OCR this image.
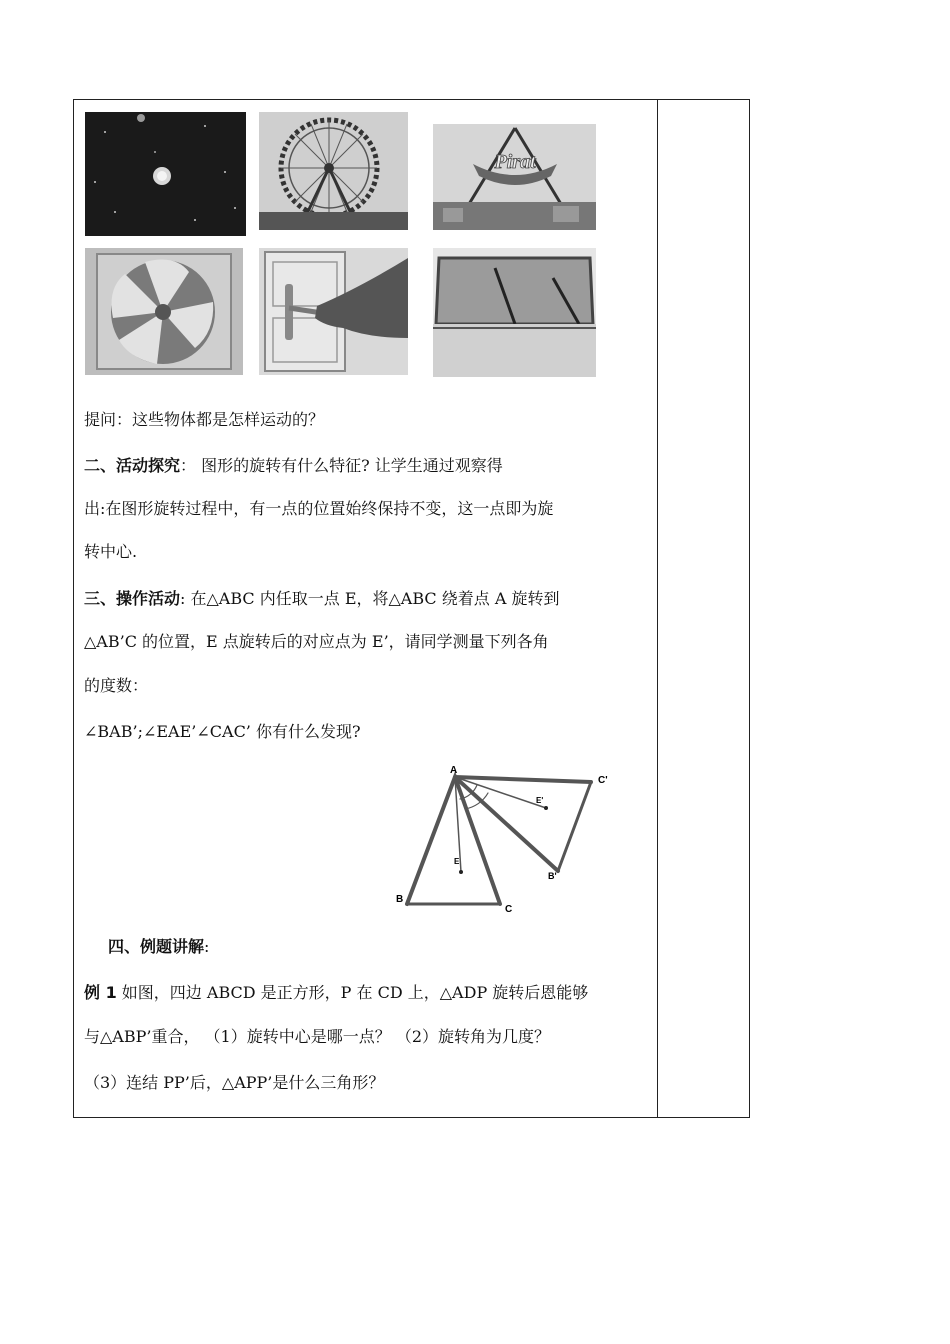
Pirat
提问：这些物体都是怎样运动的？
二、活动探究： 图形的旋转有什么特征? 让学生通过观察得
出:在图形旋转过程中，有一点的位置始终保持不变，这一点即为旋
转中心.
三、操作活动: 在△ABC 内任取一点 E，将△ABC 绕着点 A 旋转到
△AB’C 的位置，E 点旋转后的对应点为 E’，请同学测量下列各角
的度数：
∠BAB’;∠EAE’∠CAC’ 你有什么发现?
A
B
C
B'
C'
E
E'
四、例题讲解:
例 1 如图，四边 ABCD 是正方形，P 在 CD 上，△ADP 旋转后恩能够
与△ABP’重合， （1）旋转中心是哪一点？ （2）旋转角为几度？
（3）连结 PP’后，△APP’是什么三角形？
